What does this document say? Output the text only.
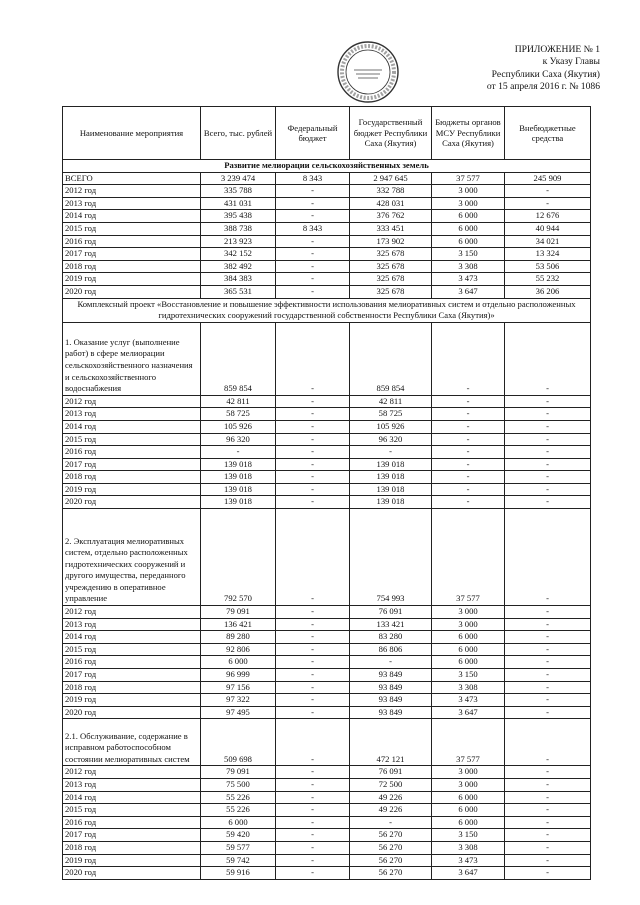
ПРИЛОЖЕНИЕ № 1
к Указу Главы
Республики Саха (Якутия)
от 15 апреля 2016 г. № 1086
Наименование мероприятия	Всего, тыс. рублей	Федеральный бюджет	Государственный бюджет Республики Саха (Якутия)	Бюджеты органов МСУ Республики Саха (Якутия)	Внебюджетные средства
Развитие мелиорации сельскохозяйственных земель					
ВСЕГО	3 239 474	8 343	2 947 645	37 577	245 909
2012 год	335 788	-	332 788	3 000	-
2013 год	431 031	-	428 031	3 000	-
2014 год	395 438	-	376 762	6 000	12 676
2015 год	388 738	8 343	333 451	6 000	40 944
2016 год	213 923	-	173 902	6 000	34 021
2017 год	342 152	-	325 678	3 150	13 324
2018 год	382 492	-	325 678	3 308	53 506
2019 год	384 383	-	325 678	3 473	55 232
2020 год	365 531	-	325 678	3 647	36 206
Комплексный проект «Восстановление и повышение эффективности использования мелиоративных систем и отдельно расположенных гидротехнических сооружений государственной собственности Республики Саха (Якутия)»					
1. Оказание услуг (выполнение работ) в сфере мелиорации сельскохозяйственного назначения и сельскохозяйственного водоснабжения	859 854	-	859 854	-	-
2012 год	42 811	-	42 811	-	-
2013 год	58 725	-	58 725	-	-
2014 год	105 926	-	105 926	-	-
2015 год	96 320	-	96 320	-	-
2016 год	-	-	-	-	-
2017 год	139 018	-	139 018	-	-
2018 год	139 018	-	139 018	-	-
2019 год	139 018	-	139 018	-	-
2020 год	139 018	-	139 018	-	-
2. Эксплуатация мелиоративных систем, отдельно расположенных гидротехнических сооружений и другого имущества, переданного учреждению в оперативное управление	792 570	-	754 993	37 577	-
2012 год	79 091	-	76 091	3 000	-
2013 год	136 421	-	133 421	3 000	-
2014 год	89 280	-	83 280	6 000	-
2015 год	92 806	-	86 806	6 000	-
2016 год	6 000	-	-	6 000	-
2017 год	96 999	-	93 849	3 150	-
2018 год	97 156	-	93 849	3 308	-
2019 год	97 322	-	93 849	3 473	-
2020 год	97 495	-	93 849	3 647	-
2.1. Обслуживание, содержание в исправном работоспособном состоянии мелиоративных систем	509 698	-	472 121	37 577	-
2012 год	79 091	-	76 091	3 000	-
2013 год	75 500	-	72 500	3 000	-
2014 год	55 226	-	49 226	6 000	-
2015 год	55 226	-	49 226	6 000	-
2016 год	6 000	-	-	6 000	-
2017 год	59 420	-	56 270	3 150	-
2018 год	59 577	-	56 270	3 308	-
2019 год	59 742	-	56 270	3 473	-
2020 год	59 916	-	56 270	3 647	-
